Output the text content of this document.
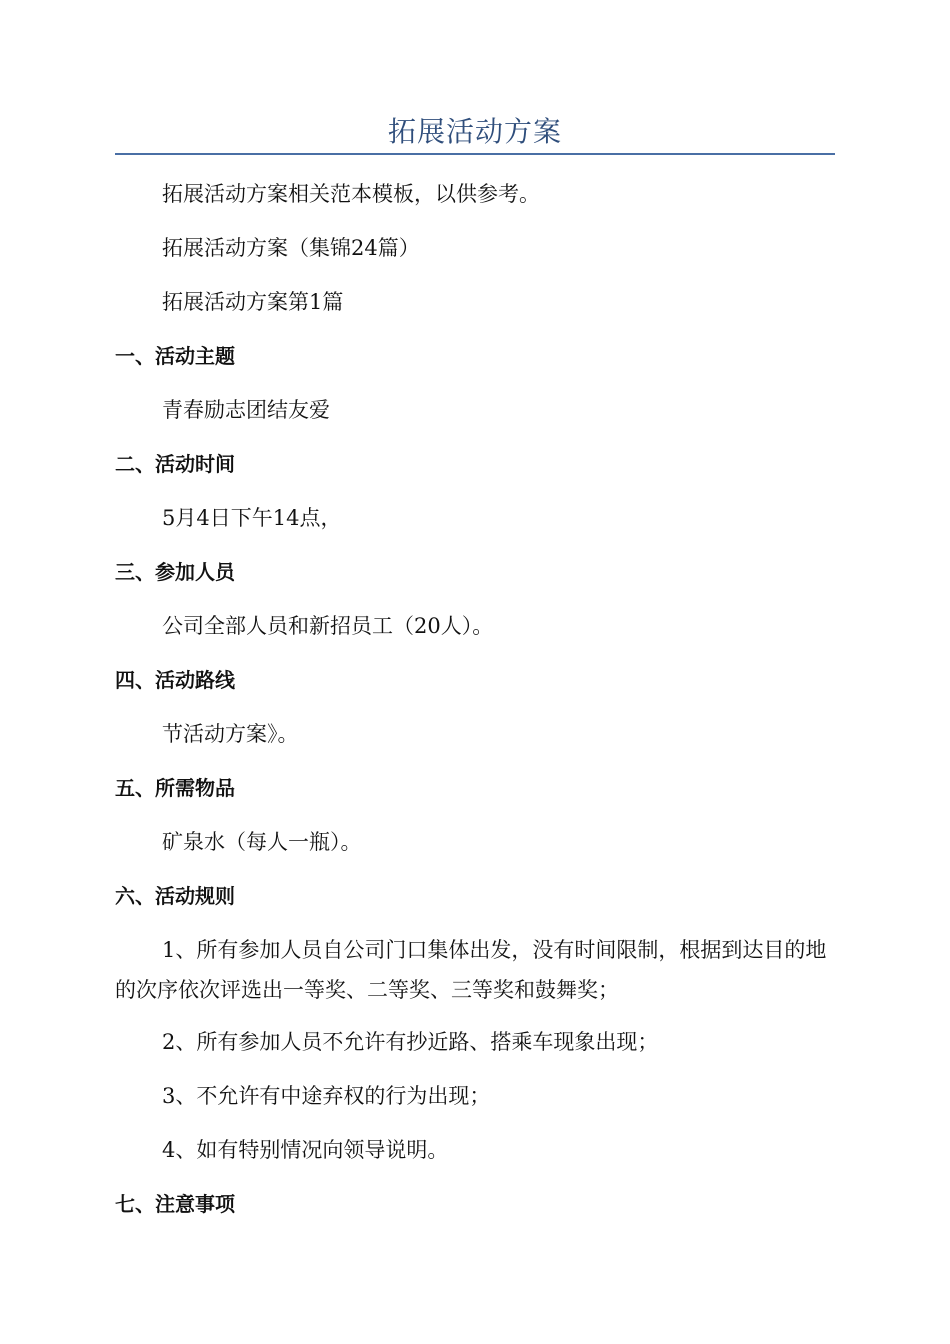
拓展活动方案
拓展活动方案相关范本模板，以供参考。
拓展活动方案（集锦24篇）
拓展活动方案第1篇
一、活动主题
青春励志团结友爱
二、活动时间
5月4日下午14点，
三、参加人员
公司全部人员和新招员工（20人）。
四、活动路线
节活动方案》。
五、所需物品
矿泉水（每人一瓶）。
六、活动规则
1、所有参加人员自公司门口集体出发，没有时间限制，根据到达目的地的次序依次评选出一等奖、二等奖、三等奖和鼓舞奖；
2、所有参加人员不允许有抄近路、搭乘车现象出现；
3、不允许有中途弃权的行为出现；
4、如有特别情况向领导说明。
七、注意事项
